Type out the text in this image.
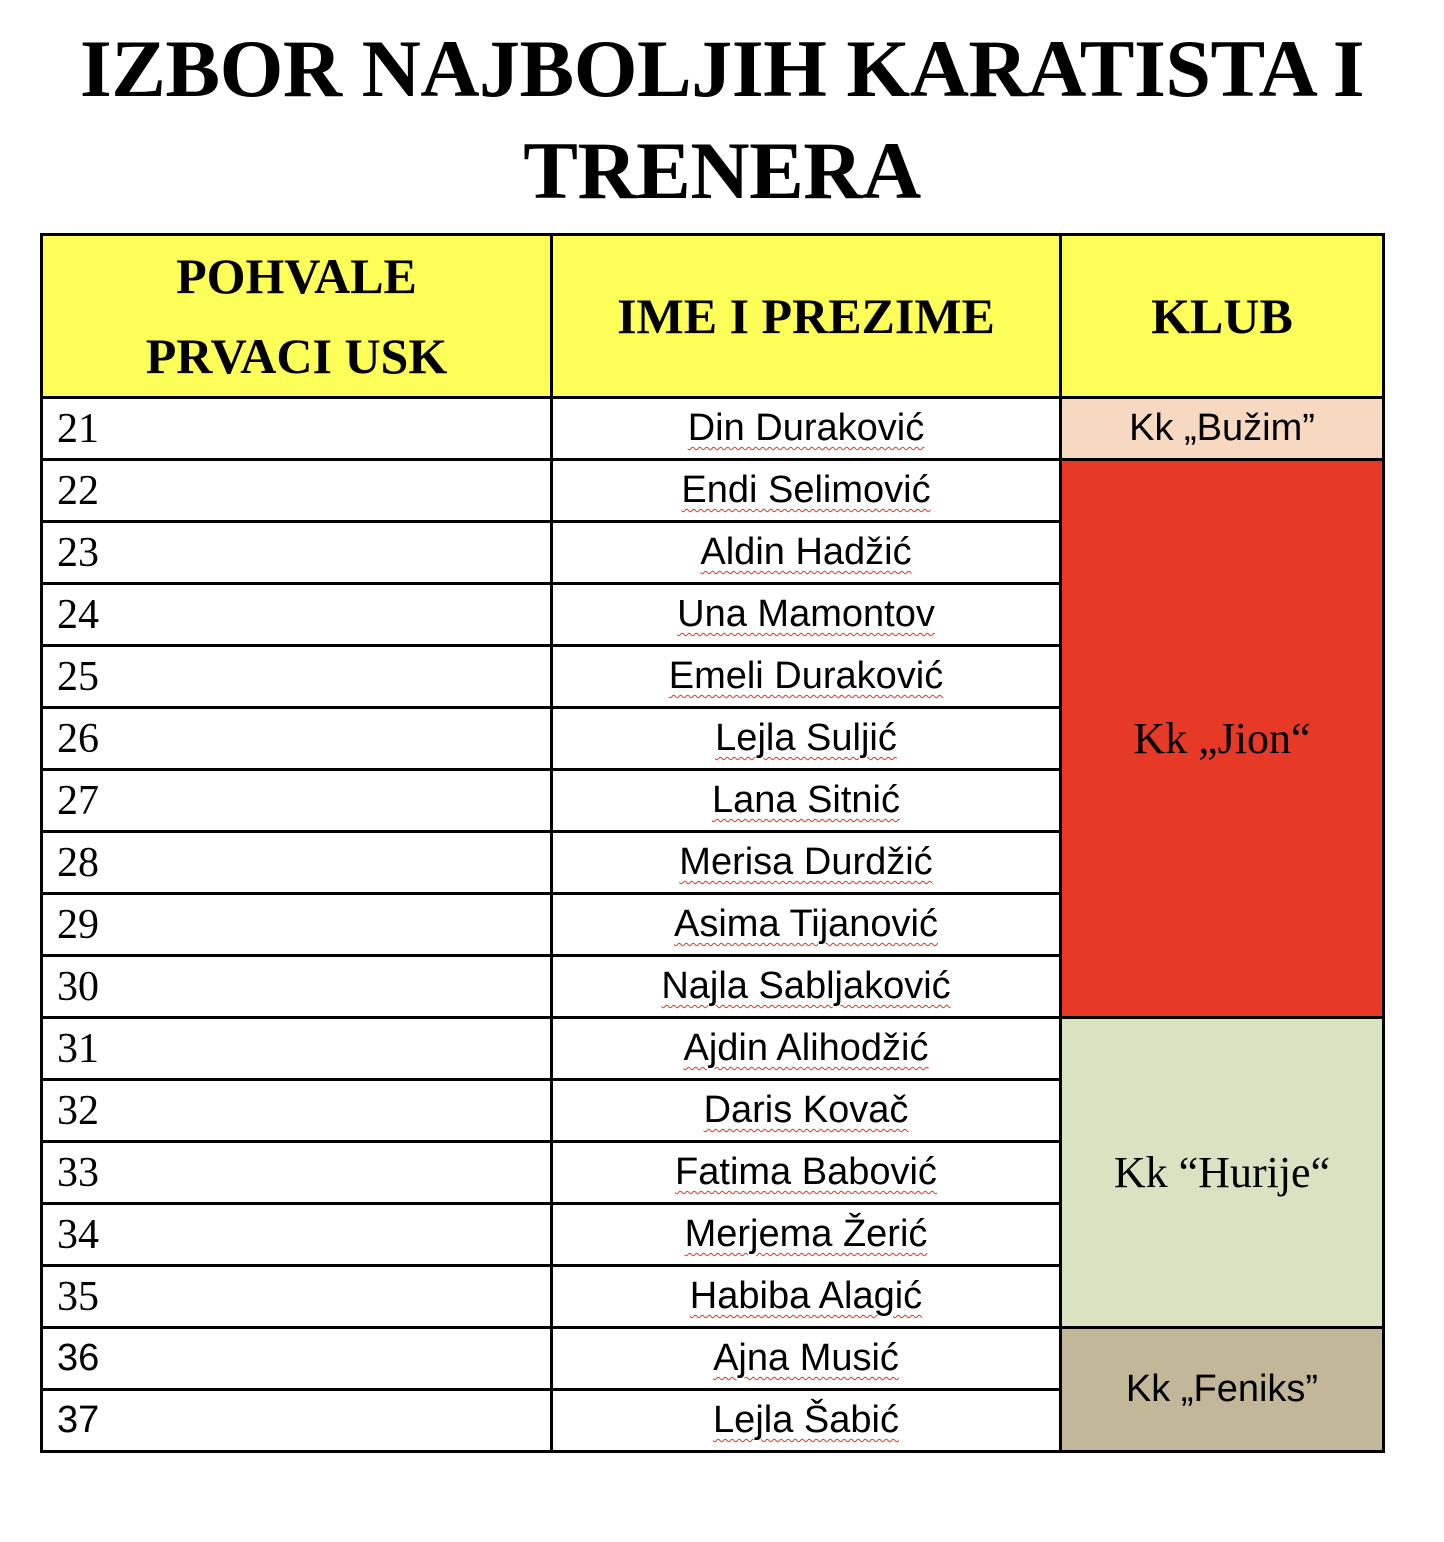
IZBOR NAJBOLJIH KARATISTA I
TRENERA
POHVALE
PRVACI USK	IME I PREZIME	KLUB
21	Din Duraković	Kk „Bužim”
22	Endi Selimović	Kk „Jion“
23	Aldin Hadžić	
24	Una Mamontov	
25	Emeli Duraković	
26	Lejla Suljić	
27	Lana Sitnić	
28	Merisa Durdžić	
29	Asima Tijanović	
30	Najla Sabljaković	
31	Ajdin Alihodžić	Kk “Hurije“
32	Daris Kovač	
33	Fatima Babović	
34	Merjema Žerić	
35	Habiba Alagić	
36	Ajna Musić	Kk „Feniks”
37	Lejla Šabić	
